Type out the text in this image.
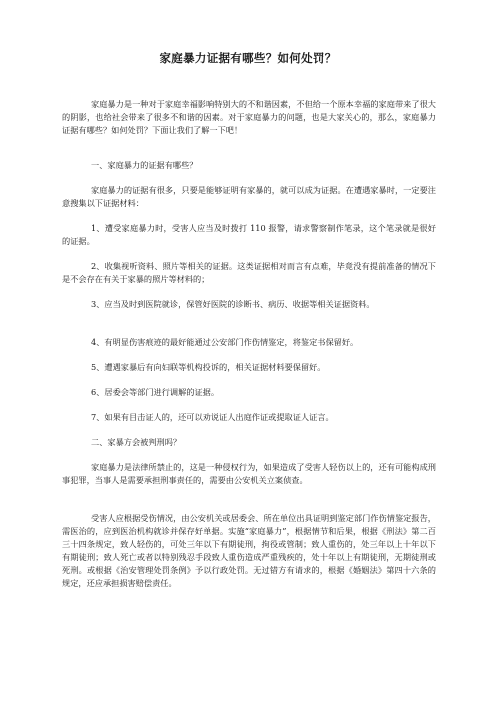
家庭暴力证据有哪些？如何处罚？

家庭暴力是一种对于家庭幸福影响特别大的不和谐因素，不但给一个原本幸福的家庭带来了很大的阴影，也给社会带来了很多不和谐的因素。对于家庭暴力的问题，也是大家关心的，那么，家庭暴力证据有哪些？如何处罚？下面让我们了解一下吧！

一、家庭暴力的证据有哪些？

家庭暴力的证据有很多，只要是能够证明有家暴的，就可以成为证据。在遭遇家暴时，一定要注意搜集以下证据材料：

1、遭受家庭暴力时，受害人应当及时拨打 110 报警，请求警察制作笔录，这个笔录就是很好的证据。

2、收集视听资料、照片等相关的证据。这类证据相对而言有点难，毕竟没有提前准备的情况下是不会存在有关于家暴的照片等材料的；

3、应当及时到医院就诊，保管好医院的诊断书、病历、收据等相关证据资料。

4、有明显伤害痕迹的最好能通过公安部门作伤情鉴定，将鉴定书保留好。

5、遭遇家暴后有向妇联等机构投诉的，相关证据材料要保留好。

6、居委会等部门进行调解的证据。

7、如果有目击证人的，还可以劝说证人出庭作证或提取证人证言。

二、家暴方会被判刑吗？

家庭暴力是法律所禁止的，这是一种侵权行为，如果造成了受害人轻伤以上的，还有可能构成刑事犯罪，当事人是需要承担刑事责任的，需要由公安机关立案侦查。

受害人应根据受伤情况，由公安机关或居委会、所在单位出具证明到鉴定部门作伤情鉴定报告，需医治的，应到医治机构就诊并保存好单据。实施“家庭暴力”，根据情节和后果，根据《刑法》第二百三十四条规定，致人轻伤的，可处三年以下有期徒刑，拘役或管制；致人重伤的，处三年以上十年以下有期徒刑；致人死亡或者以特别残忍手段致人重伤造成严重残疾的，处十年以上有期徒刑，无期徒刑或死刑。或根据《治安管理处罚条例》予以行政处罚。无过错方有请求的，根据《婚姻法》第四十六条的规定，还应承担损害赔偿责任。
